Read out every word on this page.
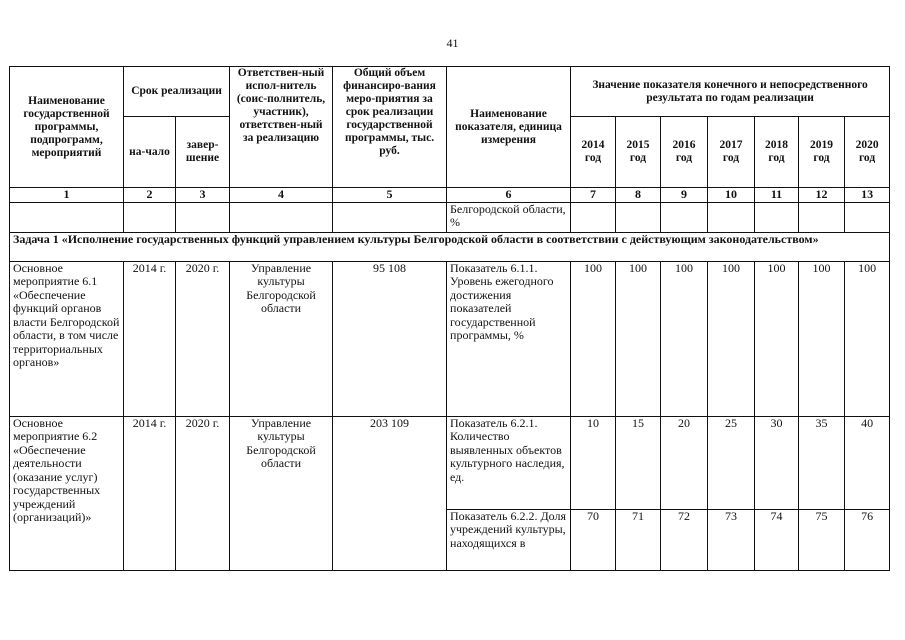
41
Наименование государственной программы, подпрограмм, мероприятий	Срок реализации		Ответствен-ный испол-нитель (соис-полнитель, участник), ответствен-ный за реализацию	Общий объем финансиро-вания меро-приятия за срок реализации государственной программы, тыс. руб.	Наименование показателя, единица измерения	Значение показателя конечного и непосредственного результата по годам реализации						
	на-чало	завер-шение				2014 год	2015 год	2016 год	2017 год	2018 год	2019 год	2020 год
1	2	3	4	5	6	7	8	9	10	11	12	13
					Белгородской области, %							
Задача 1 «Исполнение государственных функций управлением культуры Белгородской области в соответствии с действующим законодательством»												
Основное мероприятие 6.1 «Обеспечение функций органов власти Белгородской области, в том числе территориальных органов»	2014 г.	2020 г.	Управление культуры Белгородской области	95 108	Показатель 6.1.1. Уровень ежегодного достижения показателей государственной программы, %	100	100	100	100	100	100	100
Основное мероприятие 6.2 «Обеспечение деятельности (оказание услуг) государственных учреждений (организаций)»	2014 г.	2020 г.	Управление культуры Белгородской области	203 109	Показатель 6.2.1. Количество выявленных объектов культурного наследия, ед.	10	15	20	25	30	35	40
					Показатель 6.2.2. Доля учреждений культуры, находящихся в	70	71	72	73	74	75	76
